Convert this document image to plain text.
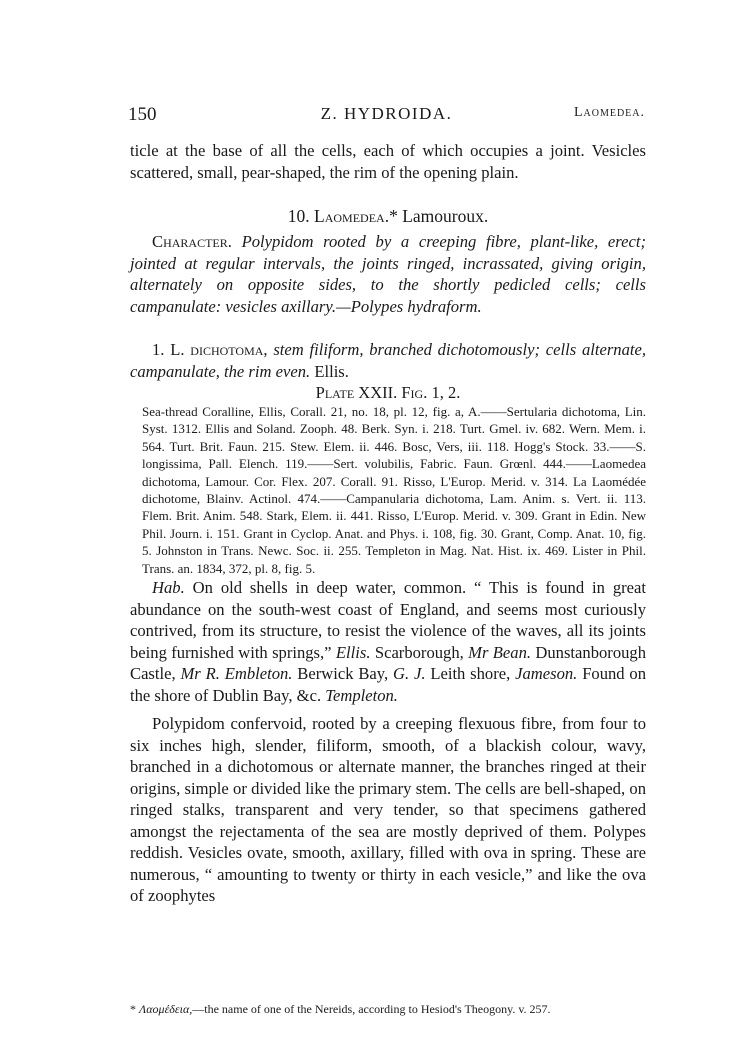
150	Z. HYDROIDA.	Laomedea.

ticle at the base of all the cells, each of which occupies a joint. Vesicles scattered, small, pear-shaped, the rim of the opening plain.

10. Laomedea.* Lamouroux.

Character. Polypidom rooted by a creeping fibre, plant-like, erect; jointed at regular intervals, the joints ringed, incrassated, giving origin, alternately on opposite sides, to the shortly pedicled cells; cells campanulate: vesicles axillary.—Polypes hydraform.

1. L. dichotoma, stem filiform, branched dichotomously; cells alternate, campanulate, the rim even. Ellis.

Plate XXII. Fig. 1, 2.

Sea-thread Coralline, Ellis, Corall. 21, no. 18, pl. 12, fig. a, A.——Sertularia dichotoma, Lin. Syst. 1312. Ellis and Soland. Zooph. 48. Berk. Syn. i. 218. Turt. Gmel. iv. 682. Wern. Mem. i. 564. Turt. Brit. Faun. 215. Stew. Elem. ii. 446. Bosc, Vers, iii. 118. Hogg's Stock. 33.——S. longissima, Pall. Elench. 119.——Sert. volubilis, Fabric. Faun. Grœnl. 444.——Laomedea dichotoma, Lamour. Cor. Flex. 207. Corall. 91. Risso, L'Europ. Merid. v. 314. La Laomédée dichotome, Blainv. Actinol. 474.——Campanularia dichotoma, Lam. Anim. s. Vert. ii. 113. Flem. Brit. Anim. 548. Stark, Elem. ii. 441. Risso, L'Europ. Merid. v. 309. Grant in Edin. New Phil. Journ. i. 151. Grant in Cyclop. Anat. and Phys. i. 108, fig. 30. Grant, Comp. Anat. 10, fig. 5. Johnston in Trans. Newc. Soc. ii. 255. Templeton in Mag. Nat. Hist. ix. 469. Lister in Phil. Trans. an. 1834, 372, pl. 8, fig. 5.

Hab. On old shells in deep water, common. “ This is found in great abundance on the south-west coast of England, and seems most curiously contrived, from its structure, to resist the violence of the waves, all its joints being furnished with springs,” Ellis. Scarborough, Mr Bean. Dunstanborough Castle, Mr R. Embleton. Berwick Bay, G. J. Leith shore, Jameson. Found on the shore of Dublin Bay, &c. Templeton.

Polypidom confervoid, rooted by a creeping flexuous fibre, from four to six inches high, slender, filiform, smooth, of a blackish colour, wavy, branched in a dichotomous or alternate manner, the branches ringed at their origins, simple or divided like the primary stem. The cells are bell-shaped, on ringed stalks, transparent and very tender, so that specimens gathered amongst the rejectamenta of the sea are mostly deprived of them. Polypes reddish. Vesicles ovate, smooth, axillary, filled with ova in spring. These are numerous, “ amounting to twenty or thirty in each vesicle,” and like the ova of zoophytes

* Λαομέδεια,—the name of one of the Nereids, according to Hesiod's Theogony. v. 257.
